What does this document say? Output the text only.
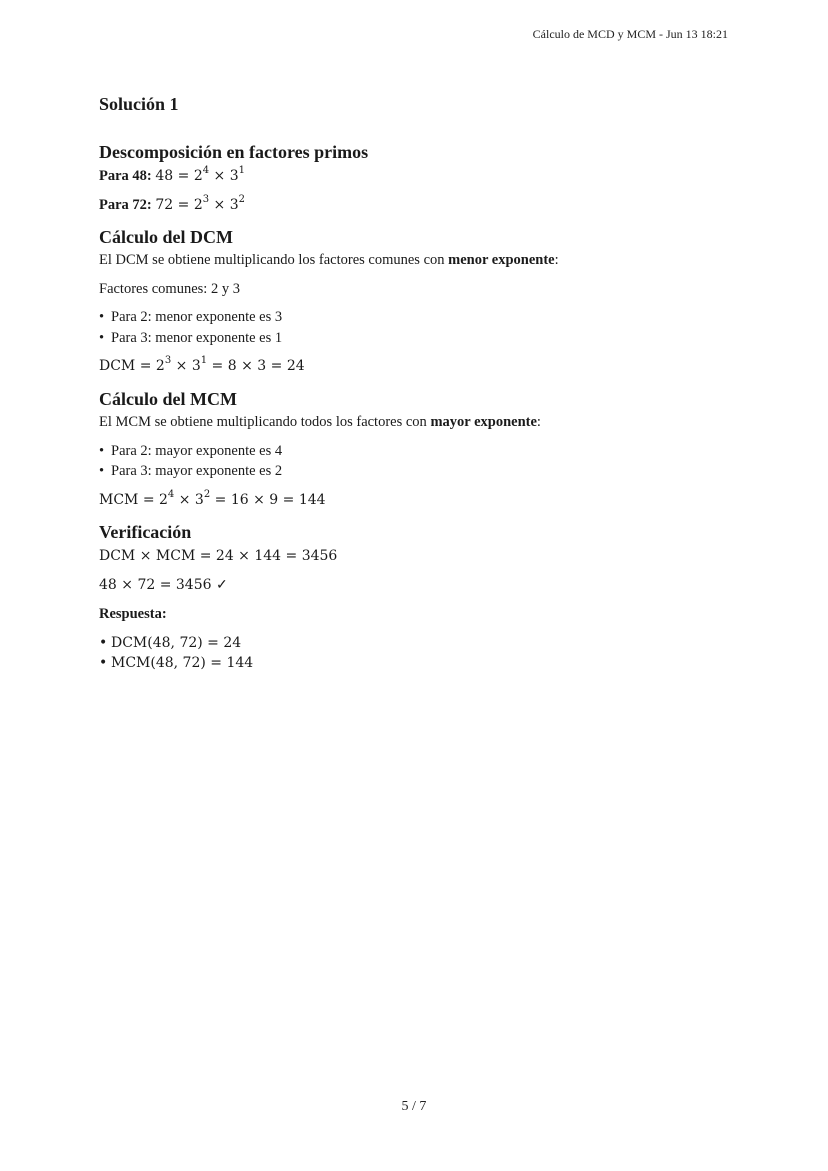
Cálculo de MCD y MCM - Jun 13 18:21
Solución 1
Descomposición en factores primos
Para 48: $48 = 2^4 \times 3^1$
Para 72: $72 = 2^3 \times 3^2$
Cálculo del DCM
El DCM se obtiene multiplicando los factores comunes con menor exponente:
Factores comunes: 2 y 3
• Para 2: menor exponente es 3
• Para 3: menor exponente es 1
DCM = $2^3 \times 3^1 = 8 \times 3 = 24$
Cálculo del MCM
El MCM se obtiene multiplicando todos los factores con mayor exponente:
• Para 2: mayor exponente es 4
• Para 3: mayor exponente es 2
MCM = $2^4 \times 3^2 = 16 \times 9 = 144$
Verificación
DCM × MCM = 24 × 144 = 3456
48 × 72 = 3456 ✓
Respuesta:
• DCM(48, 72) = 24
• MCM(48, 72) = 144
5 / 7
